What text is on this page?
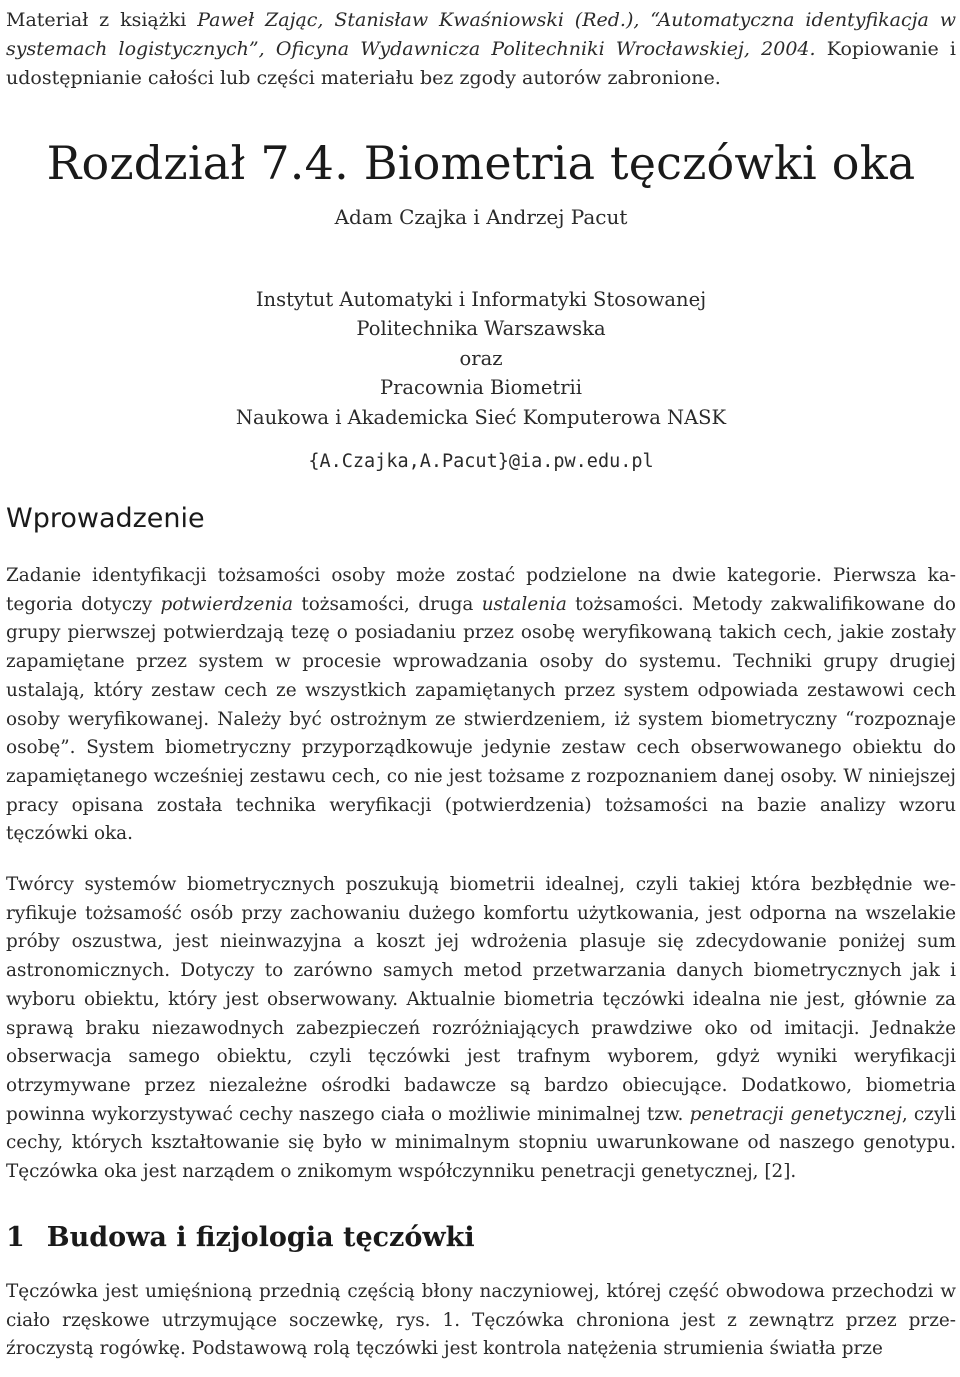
Materiał z książki Paweł Zając, Stanisław Kwaśniowski (Red.), “Automatyczna identyfikacja w systemach logistycznych”, Oficyna Wydawnicza Politechniki Wrocławskiej, 2004. Kopiowanie i udostępnianie całości lub części materiału bez zgody autorów zabronione.

Rozdział 7.4. Biometria tęczówki oka
Adam Czajka i Andrzej Pacut
Instytut Automatyki i Informatyki Stosowanej
Politechnika Warszawska
oraz
Pracownia Biometrii
Naukowa i Akademicka Sieć Komputerowa NASK
{A.Czajka,A.Pacut}@ia.pw.edu.pl
Wprowadzenie

Zadanie identyfikacji tożsamości osoby może zostać podzielone na dwie kategorie. Pierwsza kategoria dotyczy potwierdzenia tożsamości, druga ustalenia tożsamości. Metody zakwalifikowane do grupy pierwszej potwierdzają tezę o posiadaniu przez osobę weryfikowaną takich cech, jakie zostały zapamiętane przez system w procesie wprowadzania osoby do systemu. Techniki grupy drugiej ustalają, który zestaw cech ze wszystkich zapamiętanych przez system odpowiada zestawowi cech osoby weryfikowanej. Należy być ostrożnym ze stwierdzeniem, iż system biometryczny “rozpoznaje osobę”. System biometryczny przyporządkowuje jedynie zestaw cech obserwowanego obiektu do zapamiętanego wcześniej zestawu cech, co nie jest tożsame z rozpoznaniem danej osoby. W niniejszej pracy opisana została technika weryfikacji (potwierdzenia) tożsamości na bazie analizy wzoru tęczówki oka.

Twórcy systemów biometrycznych poszukują biometrii idealnej, czyli takiej która bezbłędnie weryfikuje tożsamość osób przy zachowaniu dużego komfortu użytkowania, jest odporna na wszelakie próby oszustwa, jest nieinwazyjna a koszt jej wdrożenia plasuje się zdecydowanie poniżej sum astronomicznych. Dotyczy to zarówno samych metod przetwarzania danych biometrycznych jak i wyboru obiektu, który jest obserwowany. Aktualnie biometria tęczówki idealna nie jest, głównie za sprawą braku niezawodnych zabezpieczeń rozróżniających prawdziwe oko od imitacji. Jednakże obserwacja samego obiektu, czyli tęczówki jest trafnym wyborem, gdyż wyniki weryfikacji otrzymywane przez niezależne ośrodki badawcze są bardzo obiecujące. Dodatkowo, biometria powinna wykorzystywać cechy naszego ciała o możliwie minimalnej tzw. penetracji genetycznej, czyli cechy, których kształtowanie się było w minimalnym stopniu uwarunkowane od naszego genotypu. Tęczówka oka jest narządem o znikomym współczynniku penetracji genetycznej, [2].

1 Budowa i fizjologia tęczówki

Tęczówka jest umięśnioną przednią częścią błony naczyniowej, której część obwodowa przechodzi w ciało rzęskowe utrzymujące soczewkę, rys. 1. Tęczówka chroniona jest z zewnątrz przez przeźroczystą rogówkę. Podstawową rolą tęczówki jest kontrola natężenia strumienia światła prze
